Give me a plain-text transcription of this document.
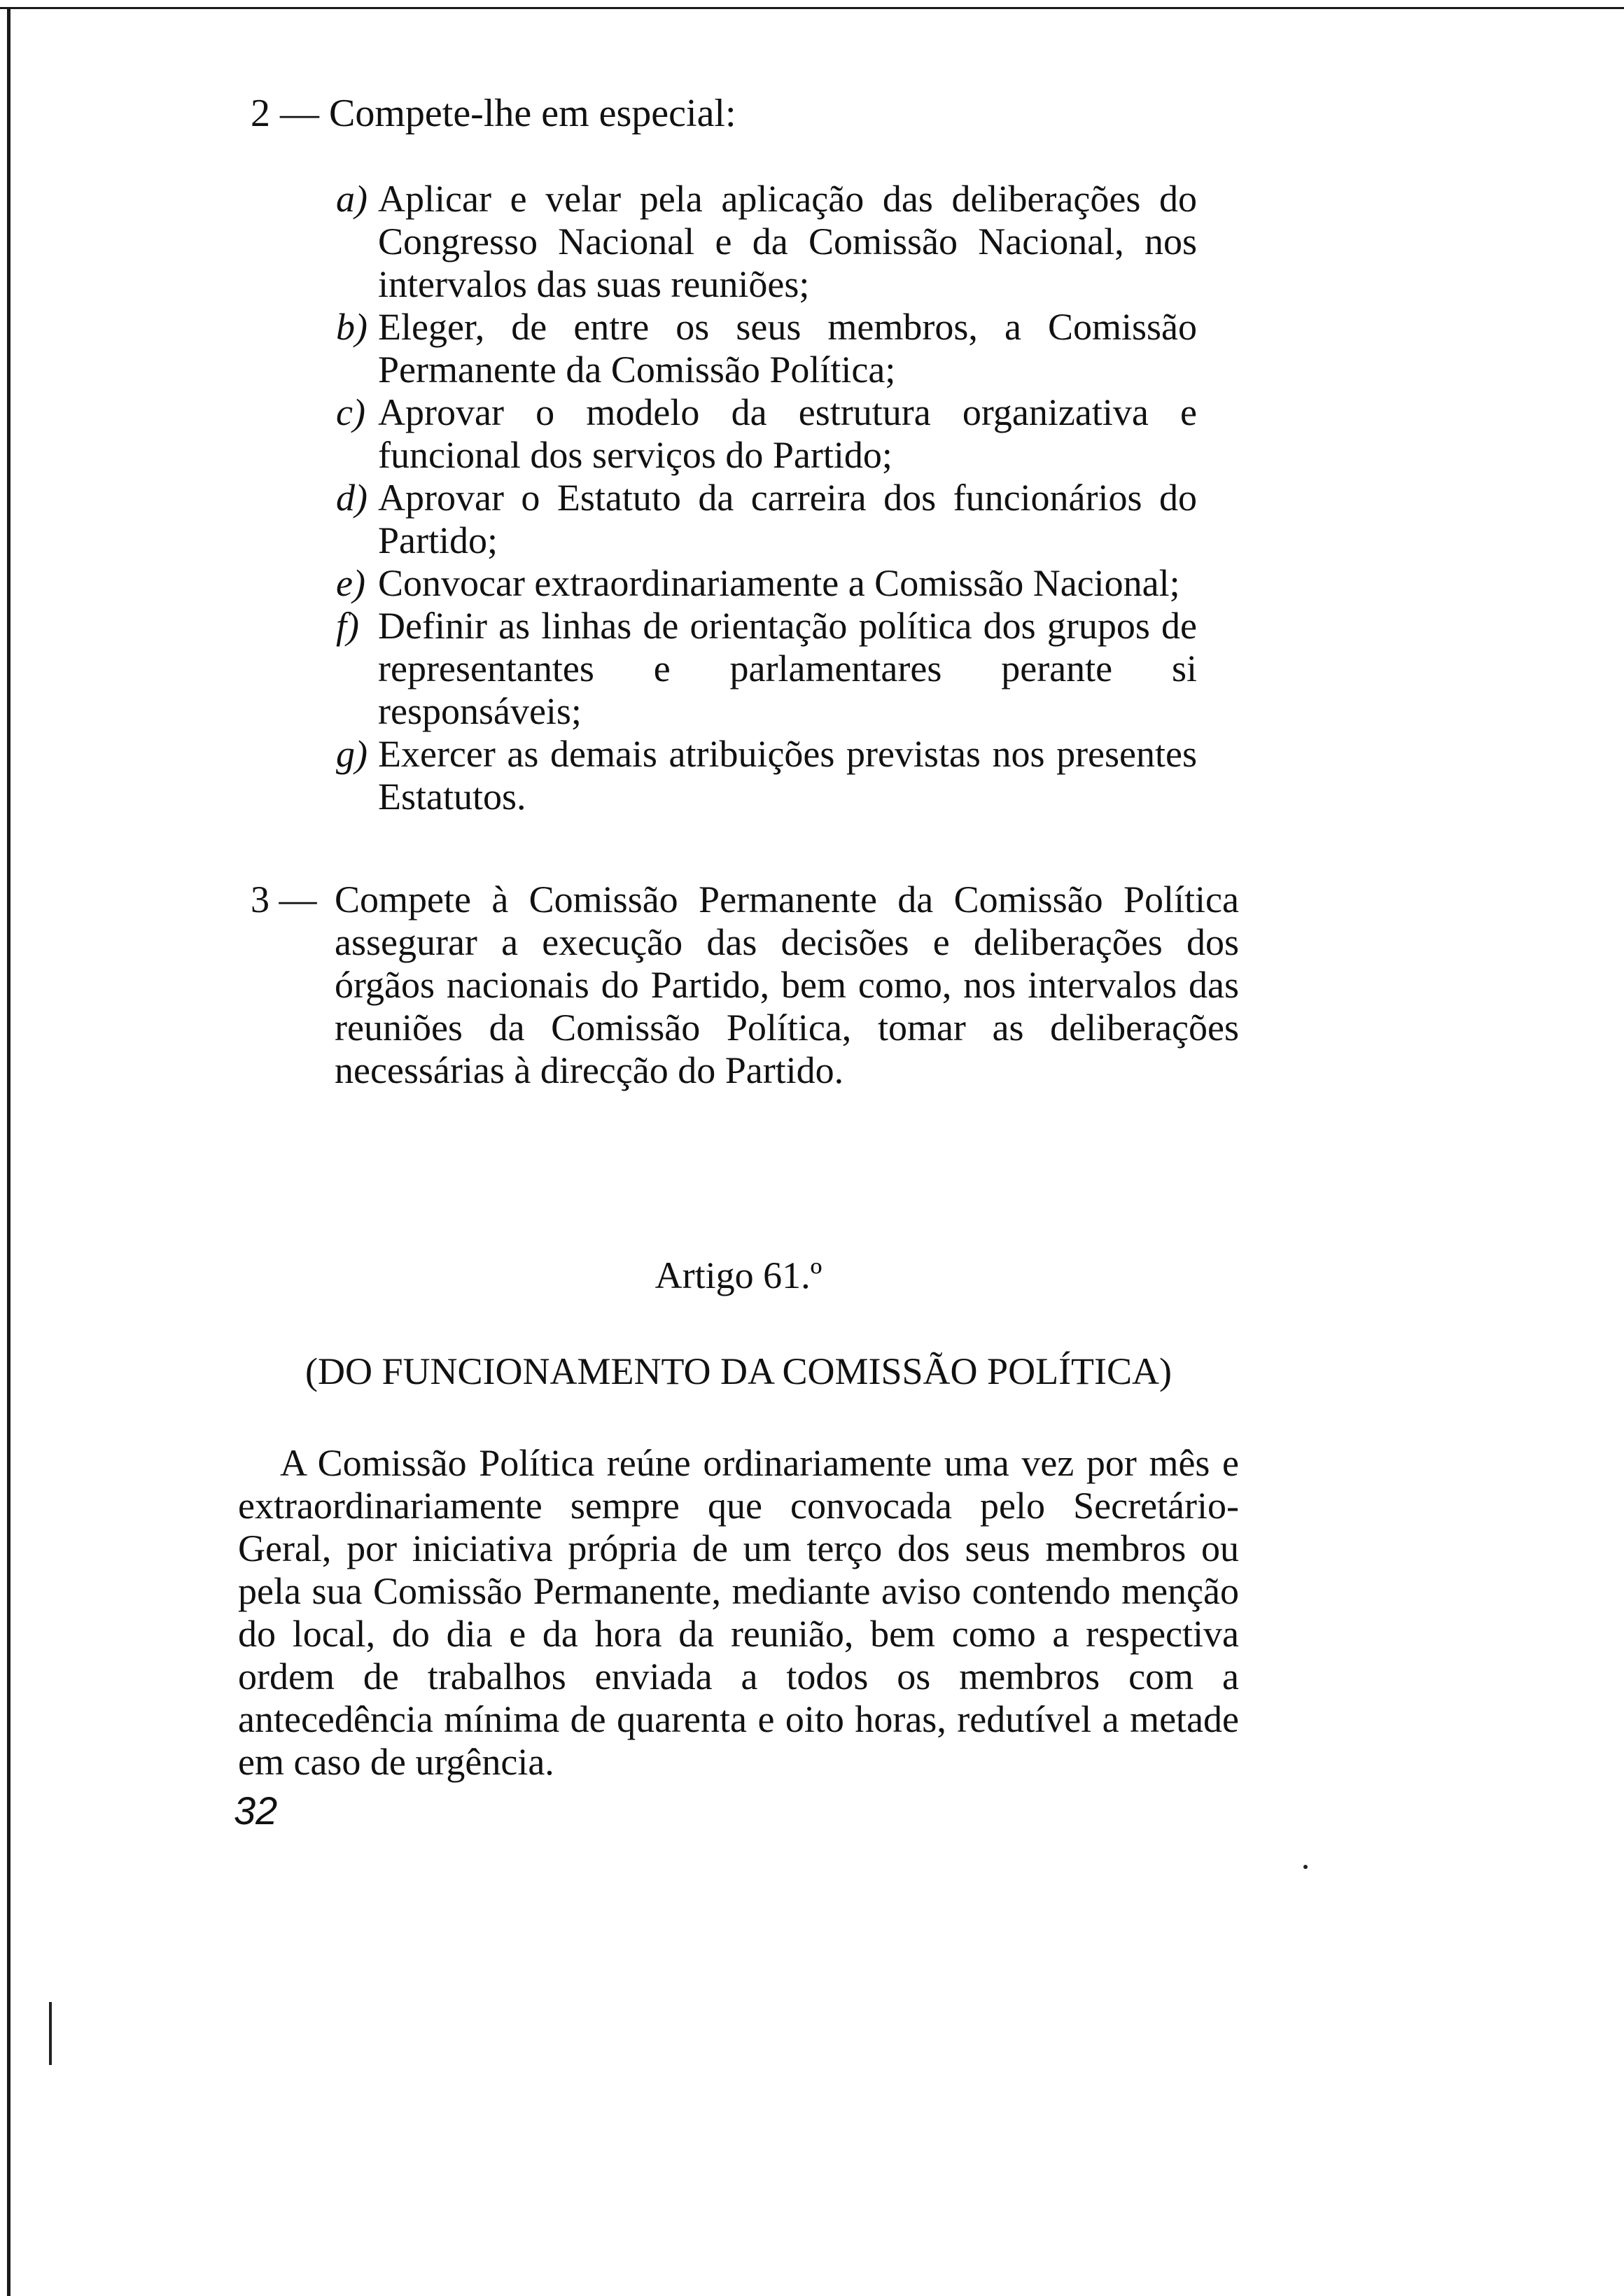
2 — Compete-lhe em especial:

a) Aplicar e velar pela aplicação das deliberações do Congresso Nacional e da Comissão Nacional, nos intervalos das suas reuniões;
b) Eleger, de entre os seus membros, a Comissão Permanente da Comissão Política;
c) Aprovar o modelo da estrutura organizativa e funcional dos serviços do Partido;
d) Aprovar o Estatuto da carreira dos funcionários do Partido;
e) Convocar extraordinariamente a Comissão Nacional;
f) Definir as linhas de orientação política dos grupos de representantes e parlamentares perante si responsáveis;
g) Exercer as demais atribuições previstas nos presentes Estatutos.
3 — Compete à Comissão Permanente da Comissão Política assegurar a execução das decisões e deliberações dos órgãos nacionais do Partido, bem como, nos intervalos das reuniões da Comissão Política, tomar as deliberações necessárias à direcção do Partido.

Artigo 61.º

(DO FUNCIONAMENTO DA COMISSÃO POLÍTICA)

A Comissão Política reúne ordinariamente uma vez por mês e extraordinariamente sempre que convocada pelo Secretário-Geral, por iniciativa própria de um terço dos seus membros ou pela sua Comissão Permanente, mediante aviso contendo menção do local, do dia e da hora da reunião, bem como a respectiva ordem de trabalhos enviada a todos os membros com a antecedência mínima de quarenta e oito horas, redutível a metade em caso de urgência.

32
